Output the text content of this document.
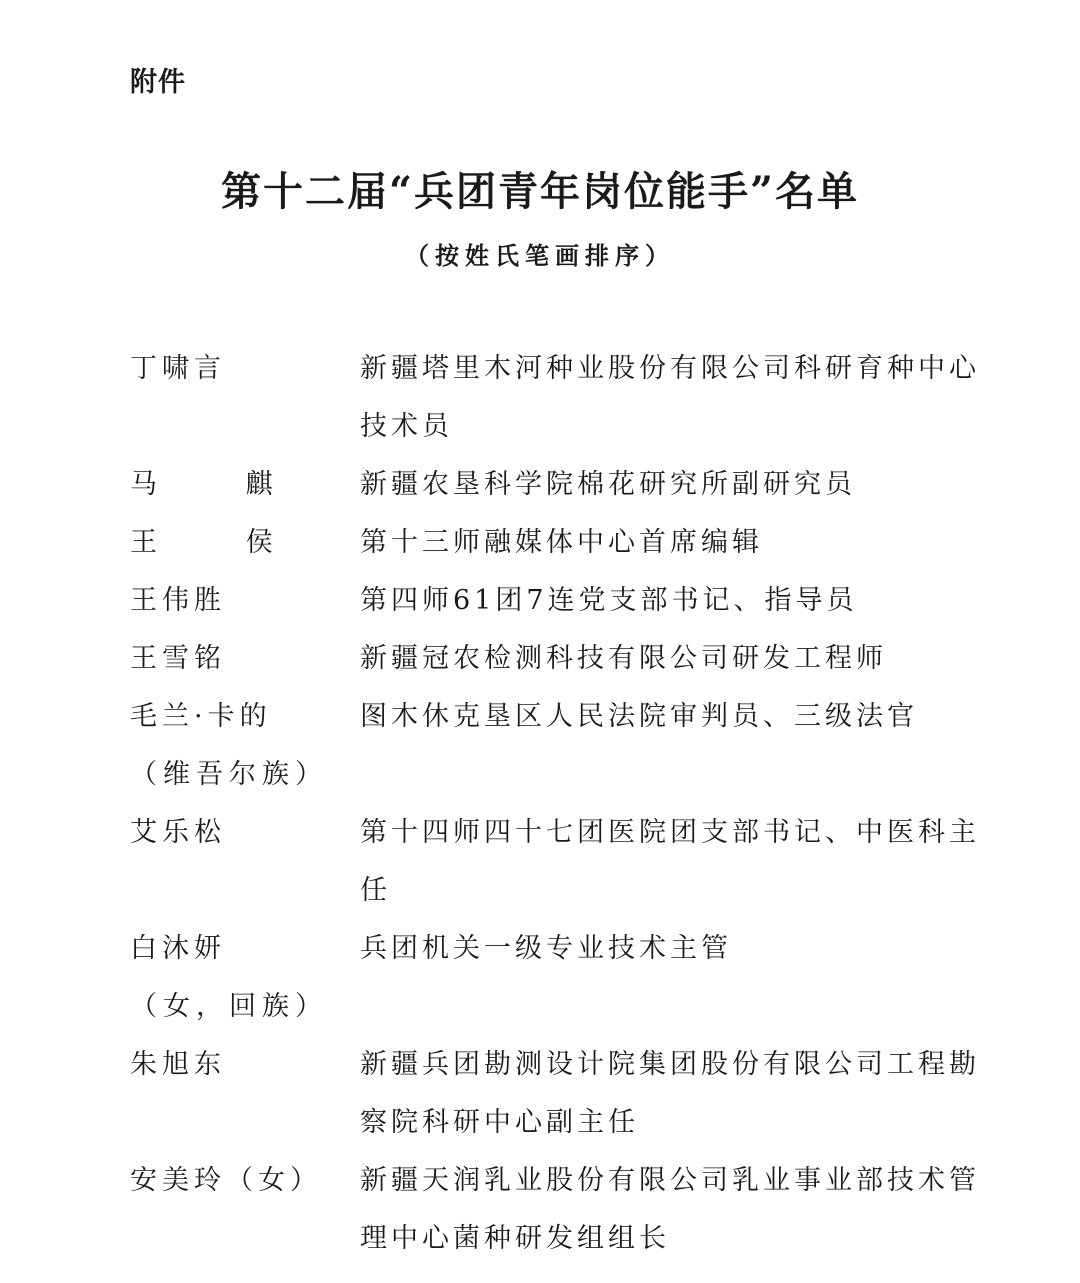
附件
第十二届“兵团青年岗位能手”名单
（按姓氏笔画排序）
丁啸言	新疆塔里木河种业股份有限公司科研育种中心
技术员
马 麒 新疆农垦科学院棉花研究所副研究员
王 侯 第十三师融媒体中心首席编辑
王伟胜	第四师61团7连党支部书记、指导员
王雪铭	新疆冠农检测科技有限公司研发工程师
毛兰·卡的	图木休克垦区人民法院审判员、三级法官
（维吾尔族）
艾乐松	第十四师四十七团医院团支部书记、中医科主
任
白沐妍	兵团机关一级专业技术主管
（女，回族）
朱旭东	新疆兵团勘测设计院集团股份有限公司工程勘
察院科研中心副主任
安美玲（女） 新疆天润乳业股份有限公司乳业事业部技术管
理中心菌种研发组组长
